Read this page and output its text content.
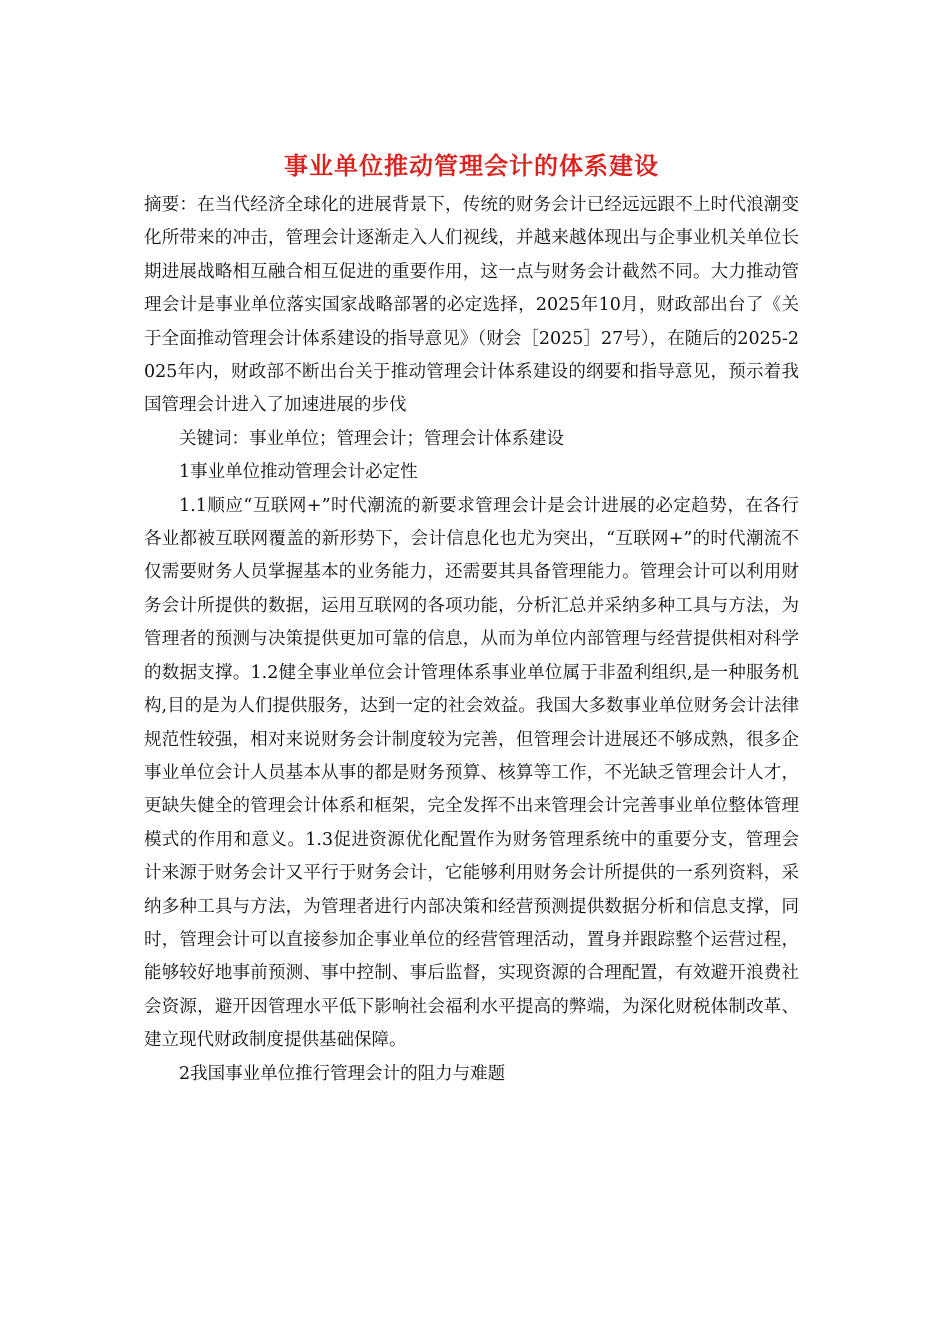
事业单位推动管理会计的体系建设

摘要：在当代经济全球化的进展背景下，传统的财务会计已经远远跟不上时代浪潮变化所带来的冲击，管理会计逐渐走入人们视线，并越来越体现出与企事业机关单位长期进展战略相互融合相互促进的重要作用，这一点与财务会计截然不同。大力推动管理会计是事业单位落实国家战略部署的必定选择，2025年10月，财政部出台了《关于全面推动管理会计体系建设的指导意见》（财会［2025］27号），在随后的2025-2025年内，财政部不断出台关于推动管理会计体系建设的纲要和指导意见，预示着我国管理会计进入了加速进展的步伐

关键词：事业单位；管理会计；管理会计体系建设

1事业单位推动管理会计必定性

1.1顺应“互联网+”时代潮流的新要求管理会计是会计进展的必定趋势，在各行各业都被互联网覆盖的新形势下，会计信息化也尤为突出，“互联网+”的时代潮流不仅需要财务人员掌握基本的业务能力，还需要其具备管理能力。管理会计可以利用财务会计所提供的数据，运用互联网的各项功能，分析汇总并采纳多种工具与方法，为管理者的预测与决策提供更加可靠的信息，从而为单位内部管理与经营提供相对科学的数据支撑。1.2健全事业单位会计管理体系事业单位属于非盈利组织,是一种服务机构,目的是为人们提供服务，达到一定的社会效益。我国大多数事业单位财务会计法律规范性较强，相对来说财务会计制度较为完善，但管理会计进展还不够成熟，很多企事业单位会计人员基本从事的都是财务预算、核算等工作，不光缺乏管理会计人才，更缺失健全的管理会计体系和框架，完全发挥不出来管理会计完善事业单位整体管理模式的作用和意义。1.3促进资源优化配置作为财务管理系统中的重要分支，管理会计来源于财务会计又平行于财务会计，它能够利用财务会计所提供的一系列资料，采纳多种工具与方法，为管理者进行内部决策和经营预测提供数据分析和信息支撑，同时，管理会计可以直接参加企事业单位的经营管理活动，置身并跟踪整个运营过程，能够较好地事前预测、事中控制、事后监督，实现资源的合理配置，有效避开浪费社会资源，避开因管理水平低下影响社会福利水平提高的弊端，为深化财税体制改革、建立现代财政制度提供基础保障。

2我国事业单位推行管理会计的阻力与难题
